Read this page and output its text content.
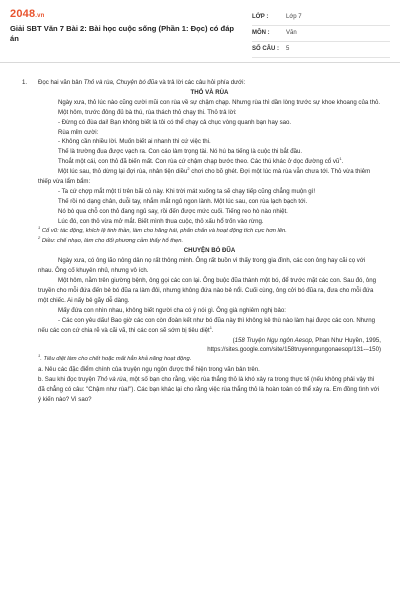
2048.vn
Giải SBT Văn 7 Bài 2: Bài học cuộc sống (Phần 1: Đọc) có đáp án
LỚP :	Lớp 7
MÔN :	Văn
SỐ CÂU : 5
1. Đọc hai văn bản Thỏ và rùa, Chuyện bó đũa và trả lời các câu hỏi phía dưới:

THỎ VÀ RÙA

Ngày xưa, thỏ lúc nào cũng cười mũi con rùa về sự chậm chạp. Nhưng rùa thì dần lòng trước sự khoe khoang của thỏ.

Một hôm, trước đông đủ bà thú, rùa thách thỏ chạy thi. Thỏ trả lời:

- Đừng có đùa dai! Bạn không biết là tôi có thể chạy cả chục vòng quanh bạn hay sao.

Rùa mỉm cười:

- Không cần nhiều lời. Muốn biết ai nhanh thì cứ việc thi.

Thế là trường đua được vạch ra. Con cáo làm trọng tài. Nó hú ba tiếng là cuộc thi bắt đầu.

Thoắt một cái, con thỏ đã biến mất. Con rùa cứ chậm chạp bước theo. Các thú khác ở dọc đường cổ $vũ^1$.

Một lúc sau, thỏ dừng lại đợi rùa, nhân tiện diều$^2$ chơi cho bõ ghét. Đợi một lúc mà rùa vẫn chưa tới. Thỏ vừa thiêm thiếp vừa lẩm bẩm:

- Ta cứ chợp mắt một tí trên bãi cỏ này. Khi trời mát xuống ta sẽ chạy tiếp cũng chẳng muộn gì!

Thế rồi nó dạng chân, duỗi tay, nhắm mắt ngủ ngon lành. Một lúc sau, con rùa lạch bạch tới.

Nó bò qua chỗ con thỏ đang ngủ say, rồi đến được mức cuối. Tiếng reo hò nào nhiệt.

Lúc đó, con thỏ vừa mở mắt. Biết mình thua cuộc, thỏ xấu hổ trốn vào rừng.

$^1$ Cổ vũ: tác động, khích lệ tinh thần, làm cho hăng hái, phấn chấn và hoạt động tích cực hơn lên.

$^2$ Diều: chế nhạo, làm cho đối phương cảm thấy hổ thẹn.

CHUYỆN BÓ ĐŨA

Ngày xưa, có ông lão nông dân nọ rất thông minh. Ông rất buồn vì thấy trong gia đình, các con ông hay cãi cọ với nhau. Ông cố khuyên nhủ, nhưng vô ích.

Một hôm, nằm trên giường bệnh, ông gọi các con lại. Ông buộc đũa thành một bó, để trước mặt các con. Sau đó, ông truyền cho mỗi đứa đến bẻ bó đũa ra làm đôi, nhưng không đứa nào bẻ nổi. Cuối cùng, ông cởi bó đũa ra, đưa cho mỗi đứa một chiếc. Ai nấy bẻ gãy dễ dàng.

Mấy đứa con nhìn nhau, không biết người cha có ý nói gì. Ông già nghiêm nghị bảo:

- Các con yêu dấu! Bao giờ các con còn đoàn kết như bó đũa này thì không kẻ thù nào làm hại được các con. Nhưng nếu các con cứ chia rẽ và cãi vã, thì các con sẽ sớm bị tiêu diệt$^1$.

(158 Truyện Ngụ ngôn Aesop, Phan Như Huyền, 1995,

https://sites.google.com/site/158truyenngungonaesop/131-–150)

$^1$. Tiêu diệt làm cho chết hoặc mất hẳn khả năng hoạt động.

a. Nêu các đặc điểm chính của truyện ngụ ngôn được thể hiện trong văn bản trên.

b. Sau khi đọc truyện Thỏ và rùa, một số bạn cho rằng, việc rùa thắng thỏ là khó xảy ra trong thực tế (nếu không phải vậy thì đã chẳng có câu: "Chậm như rùa!"). Các bạn khác lại cho rằng việc rùa thắng thỏ là hoàn toàn có thể xảy ra. Em đồng tình với ý kiến nào? Vì sao?
